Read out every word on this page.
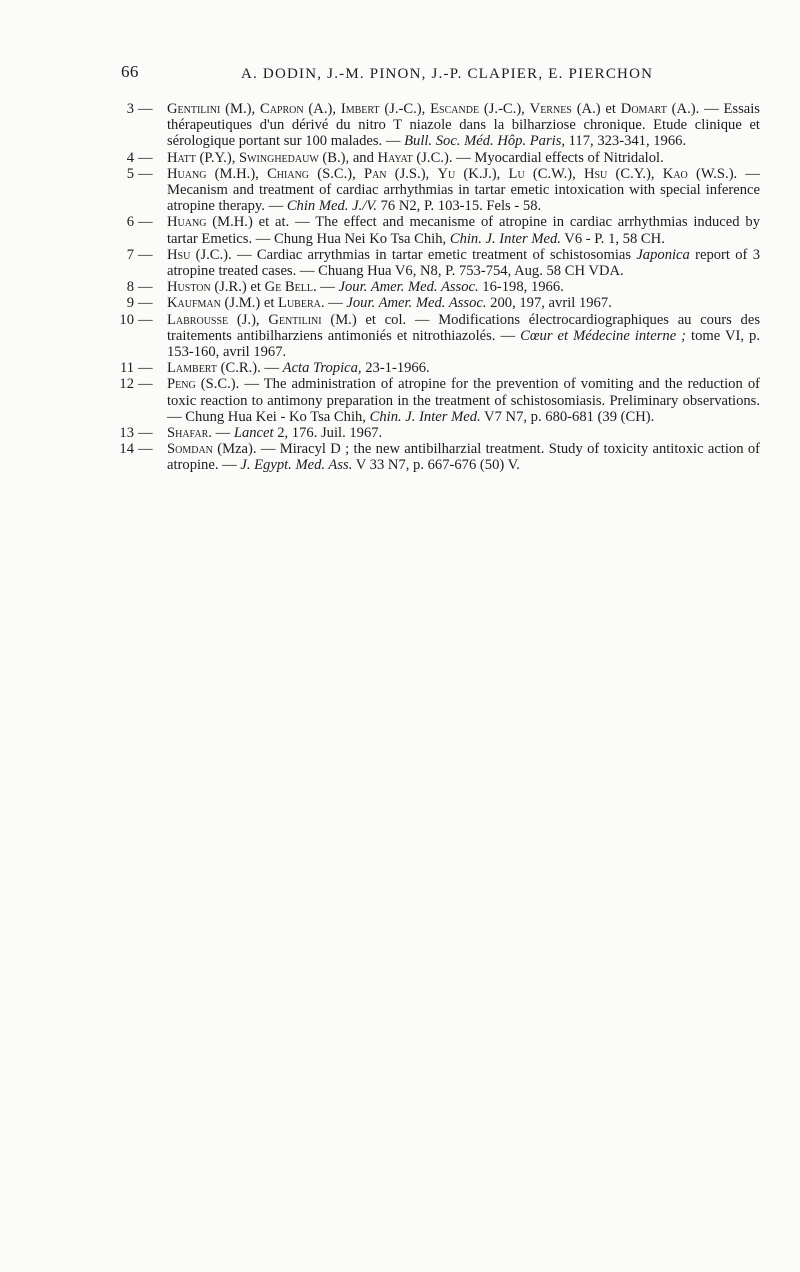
66	A. DODIN, J.-M. PINON, J.-P. CLAPIER, E. PIERCHON
3 — Gentilini (M.), Capron (A.), Imbert (J.-C.), Escande (J.-C.), Vernes (A.) et Domart (A.). — Essais thérapeutiques d'un dérivé du nitro T niazole dans la bilharziose chronique. Etude clinique et sérologique portant sur 100 malades. — Bull. Soc. Méd. Hôp. Paris, 117, 323-341, 1966.
4 — Hatt (P.Y.), Swinghedauw (B.), and Hayat (J.C.). — Myocardial effects of Nitridalol.
5 — Huang (M.H.), Chiang (S.C.), Pan (J.S.), Yu (K.J.), Lu (C.W.), Hsu (C.Y.), Kao (W.S.). — Mecanism and treatment of cardiac arrhythmias in tartar emetic intoxication with special inference atropine therapy. — Chin Med. J./V. 76 N2, P. 103-15. Fels - 58.
6 — Huang (M.H.) et at. — The effect and mecanisme of atropine in cardiac arrhythmias induced by tartar Emetics. — Chung Hua Nei Ko Tsa Chih, Chin. J. Inter Med. V6 - P. 1, 58 CH.
7 — Hsu (J.C.). — Cardiac arrythmias in tartar emetic treatment of schistosomias Japonica report of 3 atropine treated cases. — Chuang Hua V6, N8, P. 753-754, Aug. 58 CH VDA.
8 — Huston (J.R.) et Ge Bell. — Jour. Amer. Med. Assoc. 16-198, 1966.
9 — Kaufman (J.M.) et Lubera. — Jour. Amer. Med. Assoc. 200, 197, avril 1967.
10 — Labrousse (J.), Gentilini (M.) et col. — Modifications électrocardiographiques au cours des traitements antibilharziens antimoniés et nitrothiazolés. — Cœur et Médecine interne ; tome VI, p. 153-160, avril 1967.
11 — Lambert (C.R.). — Acta Tropica, 23-1-1966.
12 — Peng (S.C.). — The administration of atropine for the prevention of vomiting and the reduction of toxic reaction to antimony preparation in the treatment of schistosomiasis. Preliminary observations. — Chung Hua Kei - Ko Tsa Chih, Chin. J. Inter Med. V7 N7, p. 680-681 (39 (CH).
13 — Shafar. — Lancet 2, 176. Juil. 1967.
14 — Somdan (Mza). — Miracyl D ; the new antibilharzial treatment. Study of toxicity antitoxic action of atropine. — J. Egypt. Med. Ass. V 33 N7, p. 667-676 (50) V.
